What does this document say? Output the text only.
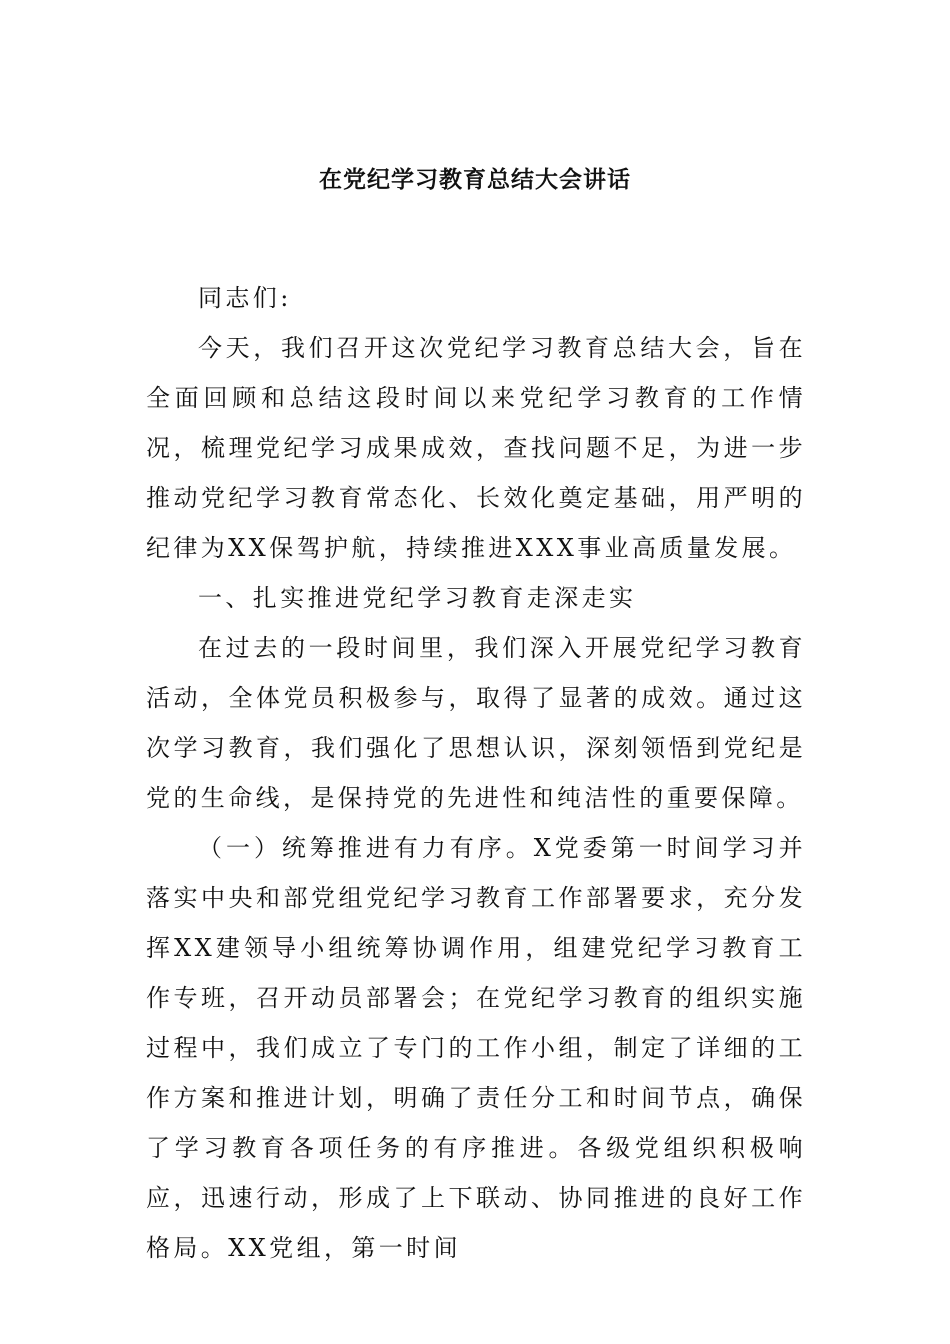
在党纪学习教育总结大会讲话

同志们:

今天，我们召开这次党纪学习教育总结大会，旨在全面回顾和总结这段时间以来党纪学习教育的工作情况，梳理党纪学习成果成效，查找问题不足，为进一步推动党纪学习教育常态化、长效化奠定基础，用严明的纪律为XX保驾护航，持续推进XXX事业高质量发展。

一、扎实推进党纪学习教育走深走实

在过去的一段时间里，我们深入开展党纪学习教育活动，全体党员积极参与，取得了显著的成效。通过这次学习教育，我们强化了思想认识，深刻领悟到党纪是党的生命线，是保持党的先进性和纯洁性的重要保障。

（一）统筹推进有力有序。X党委第一时间学习并落实中央和部党组党纪学习教育工作部署要求，充分发挥XX建领导小组统筹协调作用，组建党纪学习教育工作专班，召开动员部署会；在党纪学习教育的组织实施过程中，我们成立了专门的工作小组，制定了详细的工作方案和推进计划，明确了责任分工和时间节点，确保了学习教育各项任务的有序推进。各级党组织积极响应，迅速行动，形成了上下联动、协同推进的良好工作格局。XX党组，第一时间
